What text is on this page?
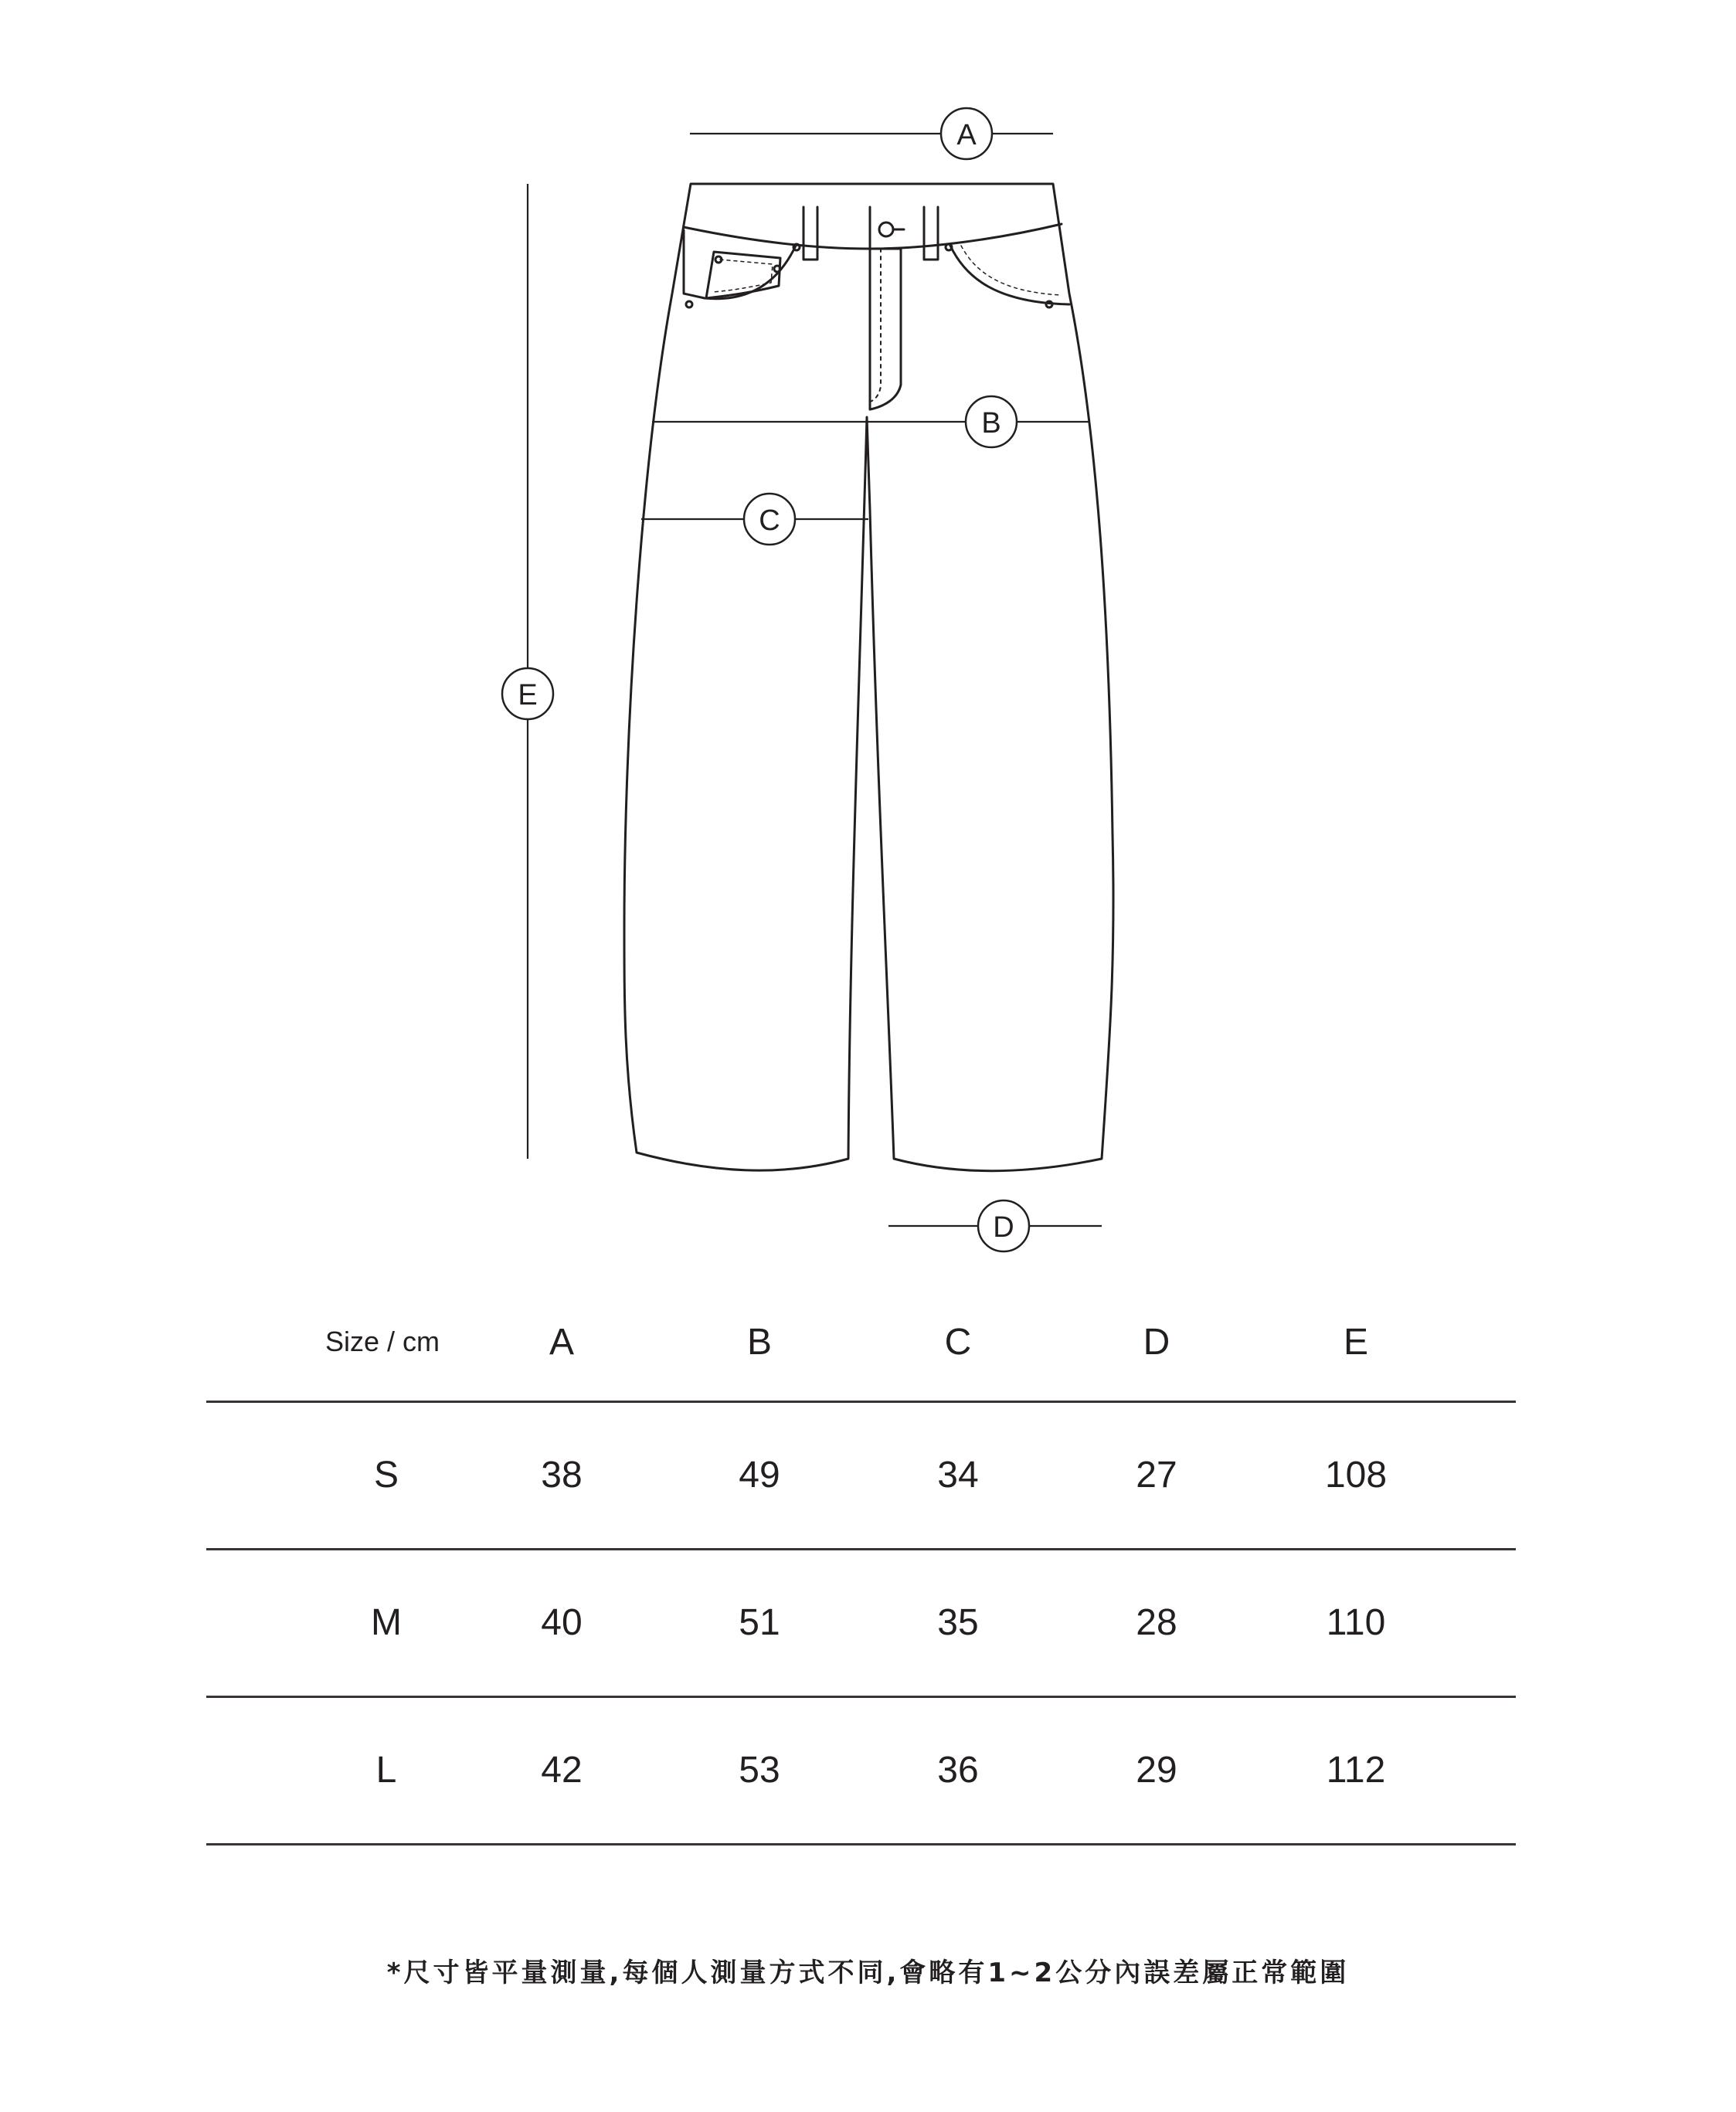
A
B
C
D
E
Size / cm	A	B	C	D	E
S	38	49	34	27	108
M	40	51	35	28	110
L	42	53	36	29	112
*尺寸皆平量測量,每個人測量方式不同,會略有1~2公分內誤差屬正常範圍
